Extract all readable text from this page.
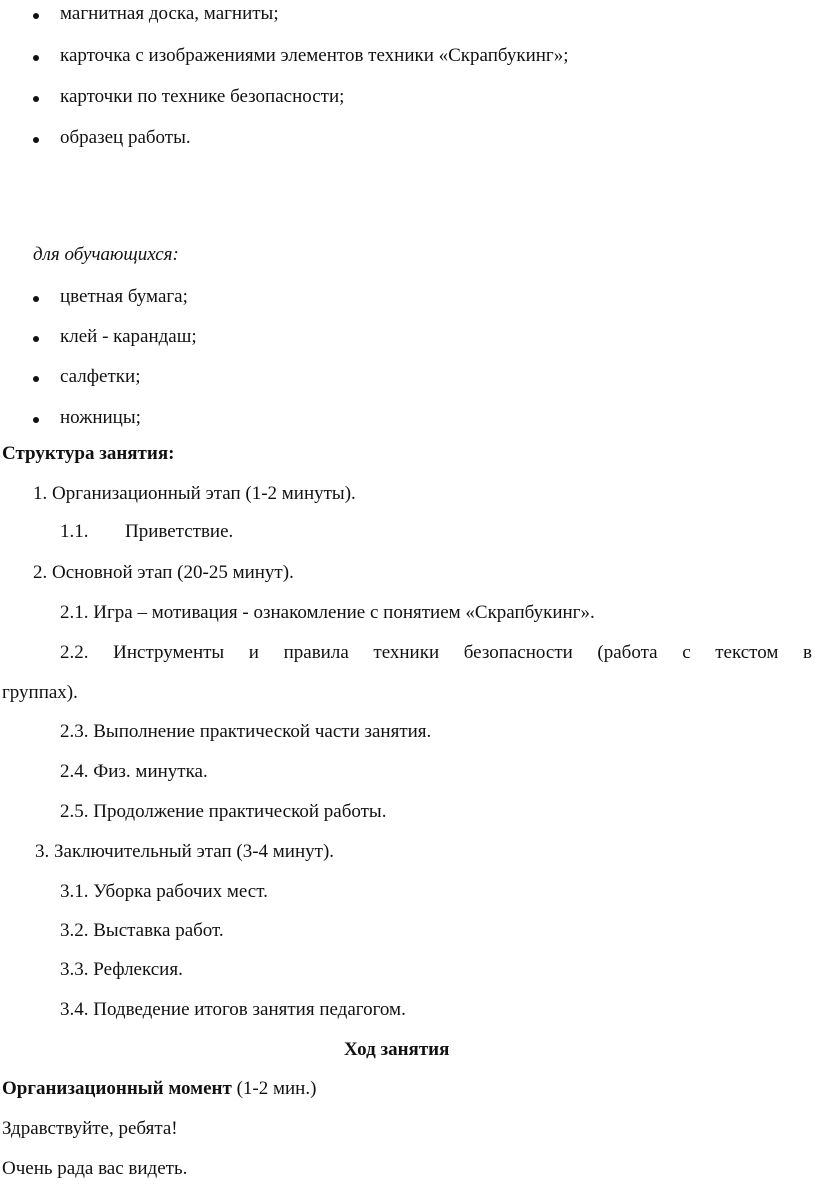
магнитная доска, магниты;
карточка с изображениями элементов техники «Скрапбукинг»;
карточки по технике безопасности;
образец работы.
для обучающихся:
цветная бумага;
клей - карандаш;
салфетки;
ножницы;
Структура занятия:
1. Организационный этап (1-2 минуты).
1.1. Приветствие.
2. Основной этап (20-25 минут).
2.1. Игра – мотивация - ознакомление с понятием «Скрапбукинг».
2.2. Инструменты и правила техники безопасности (работа с текстом в
группах).
2.3. Выполнение практической части занятия.
2.4. Физ. минутка.
2.5. Продолжение практической работы.
3. Заключительный этап (3-4 минут).
3.1. Уборка рабочих мест.
3.2. Выставка работ.
3.3. Рефлексия.
3.4. Подведение итогов занятия педагогом.
Ход занятия
Организационный момент (1-2 мин.)
Здравствуйте, ребята!
Очень рада вас видеть.
